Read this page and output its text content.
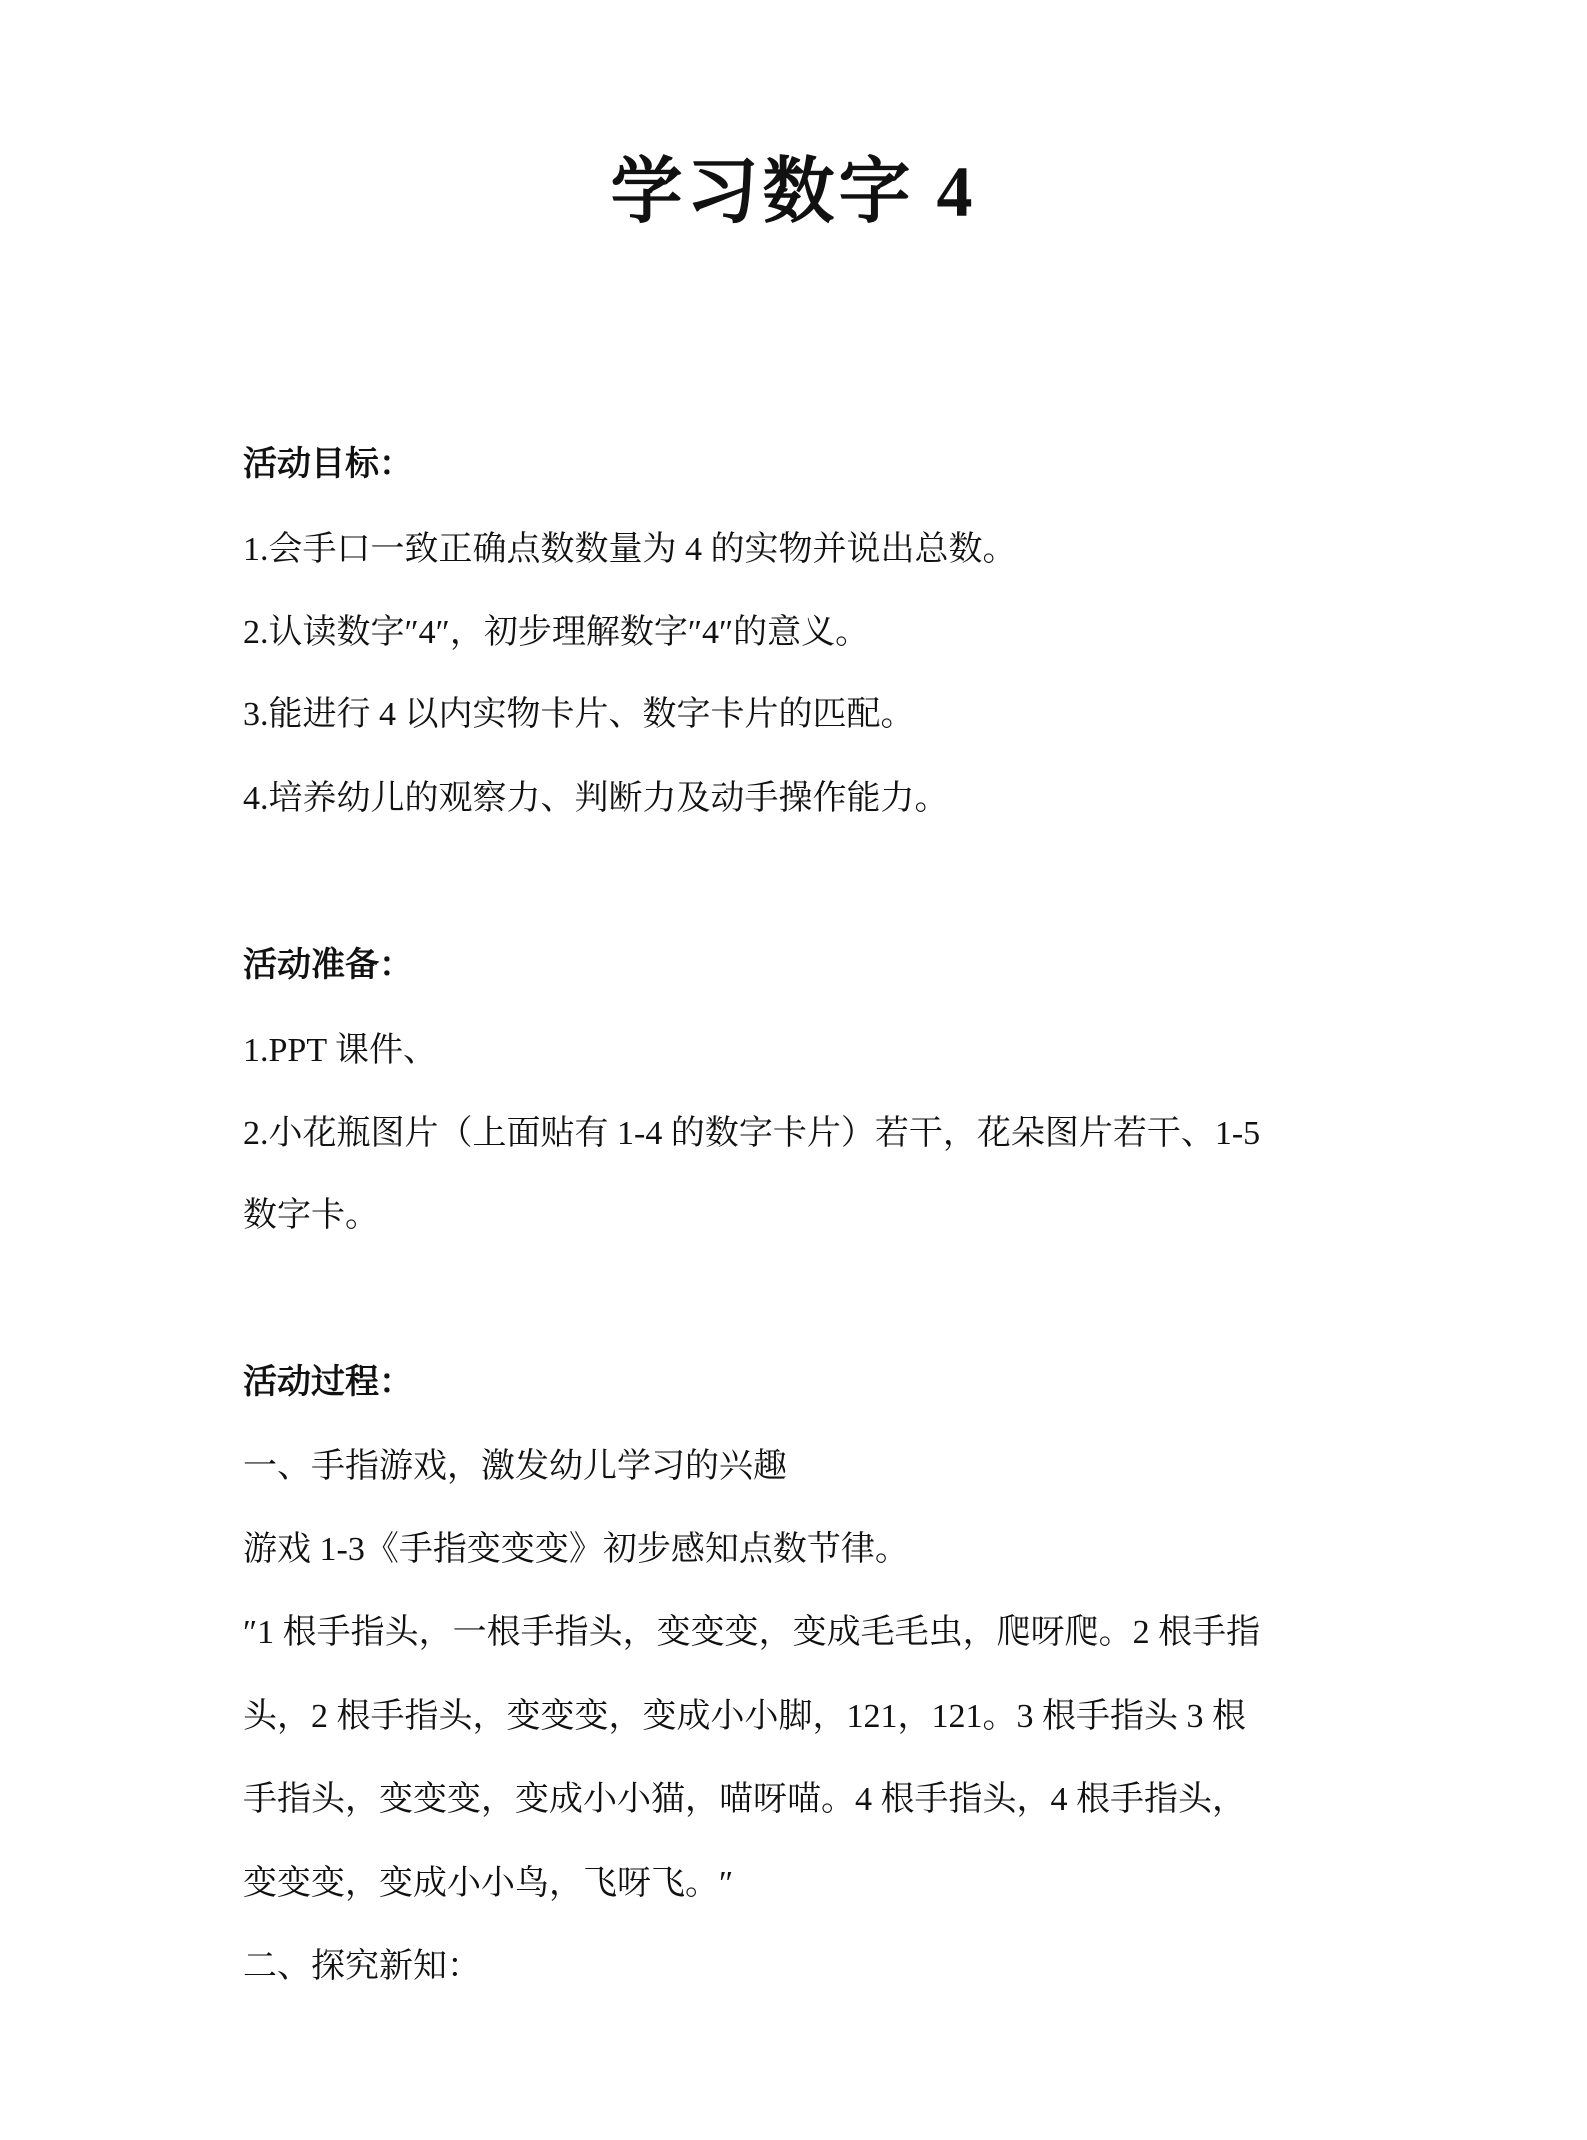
学习数字 4
活动目标：
1.会手口一致正确点数数量为 4 的实物并说出总数。
2.认读数字″4″，初步理解数字″4″的意义。
3.能进行 4 以内实物卡片、数字卡片的匹配。
4.培养幼儿的观察力、判断力及动手操作能力。
活动准备：
1.PPT 课件、
2.小花瓶图片（上面贴有 1-4 的数字卡片）若干，花朵图片若干、1-5
数字卡。
活动过程：
一、手指游戏，激发幼儿学习的兴趣
游戏 1-3《手指变变变》初步感知点数节律。
″1 根手指头，一根手指头，变变变，变成毛毛虫，爬呀爬。2 根手指
头，2 根手指头，变变变，变成小小脚，121，121。3 根手指头 3 根
手指头，变变变，变成小小猫，喵呀喵。4 根手指头，4 根手指头，
变变变，变成小小鸟，飞呀飞。″
二、探究新知：
